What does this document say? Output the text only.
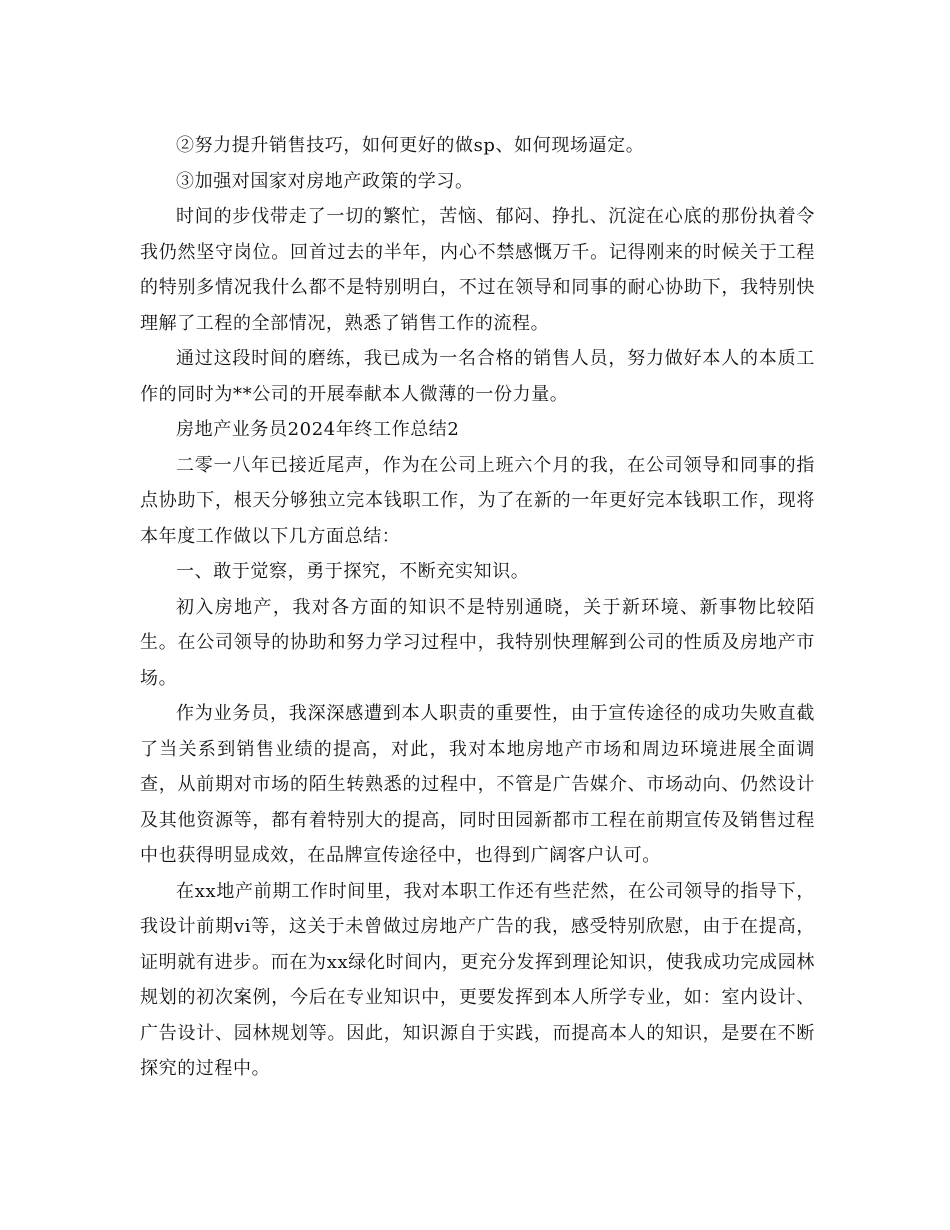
②努力提升销售技巧，如何更好的做sp、如何现场逼定。

③加强对国家对房地产政策的学习。

时间的步伐带走了一切的繁忙，苦恼、郁闷、挣扎、沉淀在心底的那份执着令我仍然坚守岗位。回首过去的半年，内心不禁感慨万千。记得刚来的时候关于工程的特别多情况我什么都不是特别明白，不过在领导和同事的耐心协助下，我特别快理解了工程的全部情况，熟悉了销售工作的流程。

通过这段时间的磨练，我已成为一名合格的销售人员，努力做好本人的本质工作的同时为**公司的开展奉献本人微薄的一份力量。

房地产业务员2024年终工作总结2

二零一八年已接近尾声，作为在公司上班六个月的我，在公司领导和同事的指点协助下，根天分够独立完本钱职工作，为了在新的一年更好完本钱职工作，现将本年度工作做以下几方面总结：

一、敢于觉察，勇于探究，不断充实知识。

初入房地产，我对各方面的知识不是特别通晓，关于新环境、新事物比较陌生。在公司领导的协助和努力学习过程中，我特别快理解到公司的性质及房地产市场。

作为业务员，我深深感遭到本人职责的重要性，由于宣传途径的成功失败直截了当关系到销售业绩的提高，对此，我对本地房地产市场和周边环境进展全面调查，从前期对市场的陌生转熟悉的过程中，不管是广告媒介、市场动向、仍然设计及其他资源等，都有着特别大的提高，同时田园新都市工程在前期宣传及销售过程中也获得明显成效，在品牌宣传途径中，也得到广阔客户认可。

在xx地产前期工作时间里，我对本职工作还有些茫然，在公司领导的指导下，我设计前期vi等，这关于未曾做过房地产广告的我，感受特别欣慰，由于在提高，证明就有进步。而在为xx绿化时间内，更充分发挥到理论知识，使我成功完成园林规划的初次案例，今后在专业知识中，更要发挥到本人所学专业，如：室内设计、广告设计、园林规划等。因此，知识源自于实践，而提高本人的知识，是要在不断探究的过程中。
